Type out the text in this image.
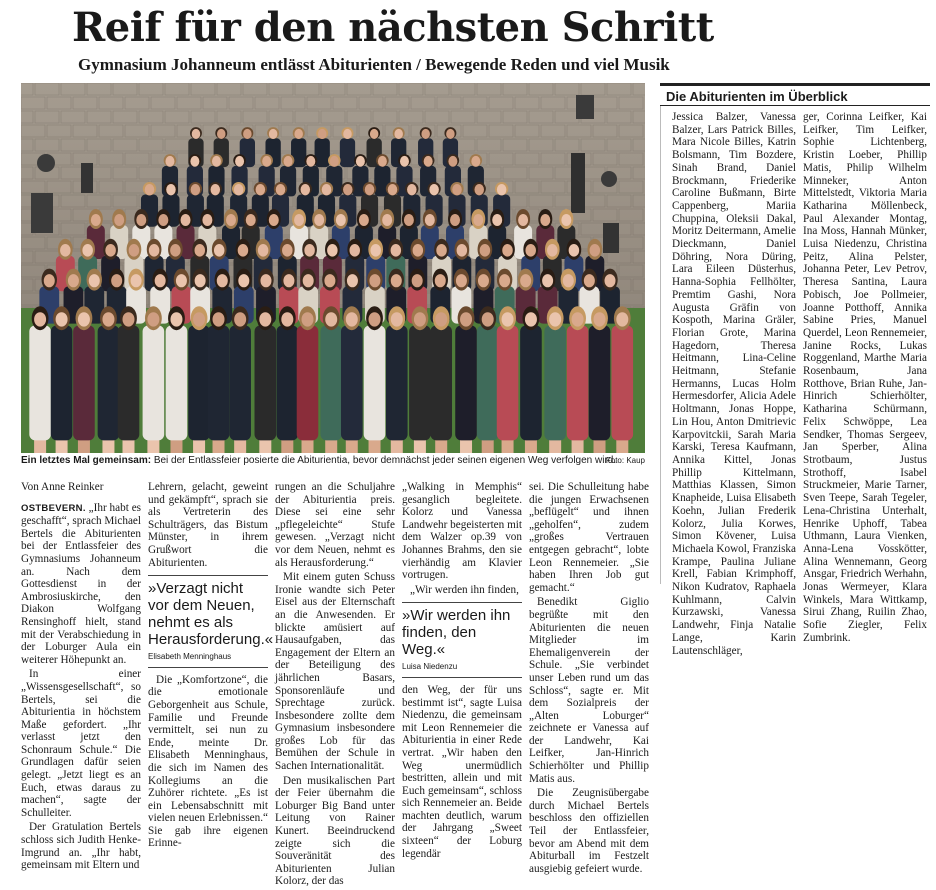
Reif für den nächsten Schritt
Gymnasium Johanneum entlässt Abiturienten / Bewegende Reden und viel Musik
Ein letztes Mal gemeinsam: Bei der Entlassfeier posierte die Abiturientia, bevor demnächst jeder seinen eigenen Weg verfolgen wird.
Foto: Kaup
Von Anne Reinker

OSTBEVERN. „Ihr habt es geschafft“, sprach Michael Bertels die Abiturienten bei der Entlassfeier des Gymnasiums Johanneum an. Nach dem Gottesdienst in der Ambrosiuskirche, den Diakon Wolfgang Rensinghoff hielt, stand mit der Verabschiedung in der Loburger Aula ein weiterer Höhepunkt an.

In einer „Wissensgesellschaft“, so Bertels, sei die Abiturientia in höchstem Maße gefordert. „Ihr verlasst jetzt den Schonraum Schule.“ Die Grundlagen dafür seien gelegt. „Jetzt liegt es an Euch, etwas daraus zu machen“, sagte der Schulleiter.

Der Gratulation Bertels schloss sich Judith Henke-Imgrund an. „Ihr habt, gemeinsam mit Eltern und

Lehrern, gelacht, geweint und gekämpft“, sprach sie als Vertreterin des Schulträgers, das Bistum Münster, in ihrem Grußwort die Abiturienten.

»Verzagt nicht vor dem Neuen, nehmt es als Herausforderung.«
Elisabeth Menninghaus

Die „Komfortzone“, die die emotionale Geborgenheit aus Schule, Familie und Freunde vermittelt, sei nun zu Ende, meinte Dr. Elisabeth Menninghaus, die sich im Namen des Kollegiums an die Zuhörer richtete. „Es ist ein Lebensabschnitt mit vielen neuen Erlebnissen.“ Sie gab ihre eigenen Erinne-

rungen an die Schuljahre der Abiturientia preis. Diese sei eine sehr „pflegeleichte“ Stufe gewesen. „Verzagt nicht vor dem Neuen, nehmt es als Herausforderung.“

Mit einem guten Schuss Ironie wandte sich Peter Eisel aus der Elternschaft an die Anwesenden. Er blickte amüsiert auf Hausaufgaben, das Engagement der Eltern an der Beteiligung des jährlichen Basars, Sponsorenläufe und Sprechtage zurück. Insbesondere zollte dem Gymnasium insbesondere großes Lob für das Bemühen der Schule in Sachen Internationalität.

Den musikalischen Part der Feier übernahm die Loburger Big Band unter Leitung von Rainer Kunert. Beeindruckend zeigte sich die Souveränität des Abiturienten Julian Kolorz, der das

„Walking in Memphis“ gesanglich begleitete. Kolorz und Vanessa Landwehr begeisterten mit dem Walzer op.39 von Johannes Brahms, den sie vierhändig am Klavier vortrugen.

„Wir werden ihn finden,

»Wir werden ihn finden, den Weg.«
Luisa Niedenzu

den Weg, der für uns bestimmt ist“, sagte Luisa Niedenzu, die gemeinsam mit Leon Rennemeier die Abiturientia in einer Rede vertrat. „Wir haben den Weg unermüdlich bestritten, allein und mit Euch gemeinsam“, schloss sich Rennemeier an. Beide machten deutlich, warum der Jahrgang „Sweet sixteen“ der Loburg legendär

sei. Die Schulleitung habe die jungen Erwachsenen „beflügelt“ und ihnen „geholfen“, zudem „großes Vertrauen entgegen gebracht“, lobte Leon Rennemeier. „Sie haben Ihren Job gut gemacht.“

Benedikt Giglio begrüßte mit den Abiturienten die neuen Mitglieder im Ehemaligenverein der Schule. „Sie verbindet unser Leben rund um das Schloss“, sagte er. Mit dem Sozialpreis der „Alten Loburger“ zeichnete er Vanessa auf der Landwehr, Kai Leifker, Jan-Hinrich Schierhölter und Phillip Matis aus.

Die Zeugnisübergabe durch Michael Bertels beschloss den offiziellen Teil der Entlassfeier, bevor am Abend mit dem Abiturball im Festzelt ausgiebig gefeiert wurde.

Die Abiturienten im Überblick
Jessica Balzer, Vanessa Balzer, Lars Patrick Billes, Mara Nicole Billes, Katrin Bolsmann, Tim Bozdere, Sinah Brand, Daniel Brockmann, Friederike Caroline Bußmann, Birte Cappenberg, Mariia Chupрina, Oleksii Dakal, Moritz Deitermann, Amelie Dieckmann, Daniel Döhring, Nora Düring, Lara Eileen Düsterhus, Hanna-Sophia Fellhölter, Premtim Gashi, Nora Augusta Gräfin von Kospoth, Marina Gräler, Florian Grote, Marina Hagedorn, Theresa Heitmann, Lina-Celine Heitmann, Stefanie Hermanns, Lucas Holm Hermesdorfer, Alicia Adele Holtmann, Jonas Hoppe, Lin Hou, Anton Dmitrievic Karpovitckii, Sarah Maria Karski, Teresa Kaufmann, Annika Kittel, Jonas Phillip Kittelmann, Matthias Klassen, Simon Knapheide, Luisa Elisabeth Koehn, Julian Frederik Kolorz, Julia Korwes, Simon Kövener, Luisa Michaela Kowol, Franziska Krampe, Paulina Juliane Krell, Fabian Krimphoff, Nikon Kudratov, Raphaela Kuhlmann, Calvin Kurzawski, Vanessa Landwehr, Finja Natalie Lange, Karin Lautenschläger,
ger, Corinna Leifker, Kai Leifker, Tim Leifker, Sophie Lichtenberg, Kristin Loeber, Phillip Matis, Philip Wilhelm Minneker, Anton Mittelstedt, Viktoria Maria Katharina Möllenbeck, Paul Alexander Montag, Ina Moss, Hannah Münker, Luisa Niedenzu, Christina Peitz, Alina Pelster, Johanna Peter, Lev Petrov, Theresa Santina, Laura Pobisch, Joe Pollmeier, Joanne Potthoff, Annika Sabine Pries, Manuel Querdel, Leon Rennemeier, Janine Rocks, Lukas Roggenland, Marthe Maria Rosenbaum, Jana Rotthove, Brian Ruhe, Jan-Hinrich Schierhölter, Katharina Schürmann, Felix Schwöppe, Lea Sendker, Thomas Sergeev, Jan Sperber, Alina Strotbaum, Justus Strothoff, Isabel Struckmeier, Marie Tarner, Sven Teepe, Sarah Tegeler, Lena-Christina Unterhalt, Henrike Uphoff, Tabea Uthmann, Laura Vienken, Anna-Lena Vosskötter, Alina Wennemann, Georg Ansgar, Friedrich Werhahn, Jonas Wermeyer, Klara Winkels, Mara Wittkamp, Sirui Zhang, Ruilin Zhao, Sofie Ziegler, Felix Zumbrink.
